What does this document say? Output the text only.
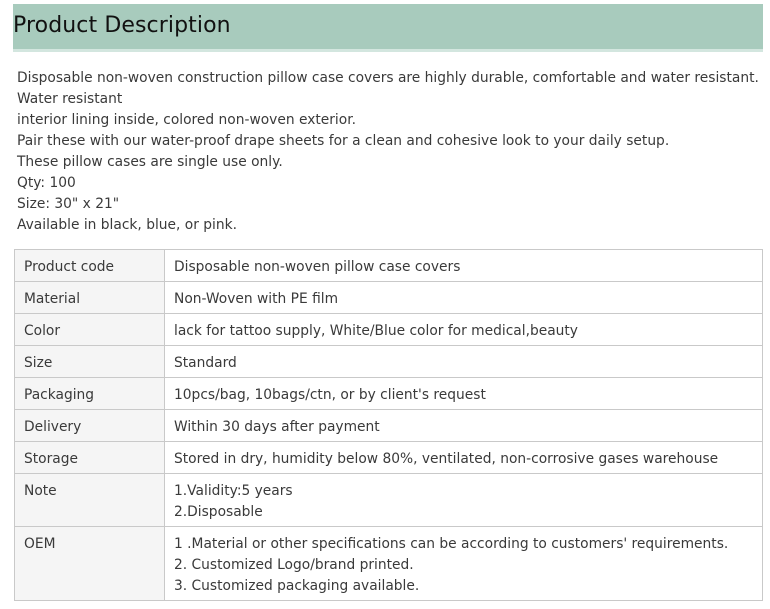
Product Description
Disposable non-woven construction pillow case covers are highly durable, comfortable and water resistant.
Water resistant
interior lining inside, colored non-woven exterior.
Pair these with our water-proof drape sheets for a clean and cohesive look to your daily setup.
These pillow cases are single use only.
Qty: 100
Size: 30" x 21"
Available in black, blue, or pink.
Product code	Disposable non-woven pillow case covers

Material	Non-Woven with PE film

Color	lack for tattoo supply, White/Blue color for medical,beauty

Size	Standard

Packaging	10pcs/bag, 10bags/ctn, or by client's request

Delivery	Within 30 days after payment

Storage	Stored in dry, humidity below 80%, ventilated, non-corrosive gases warehouse

Note	1.Validity:5 years
2.Disposable

OEM	1 .Material or other specifications can be according to customers' requirements.
2. Customized Logo/brand printed.
3. Customized packaging available.
